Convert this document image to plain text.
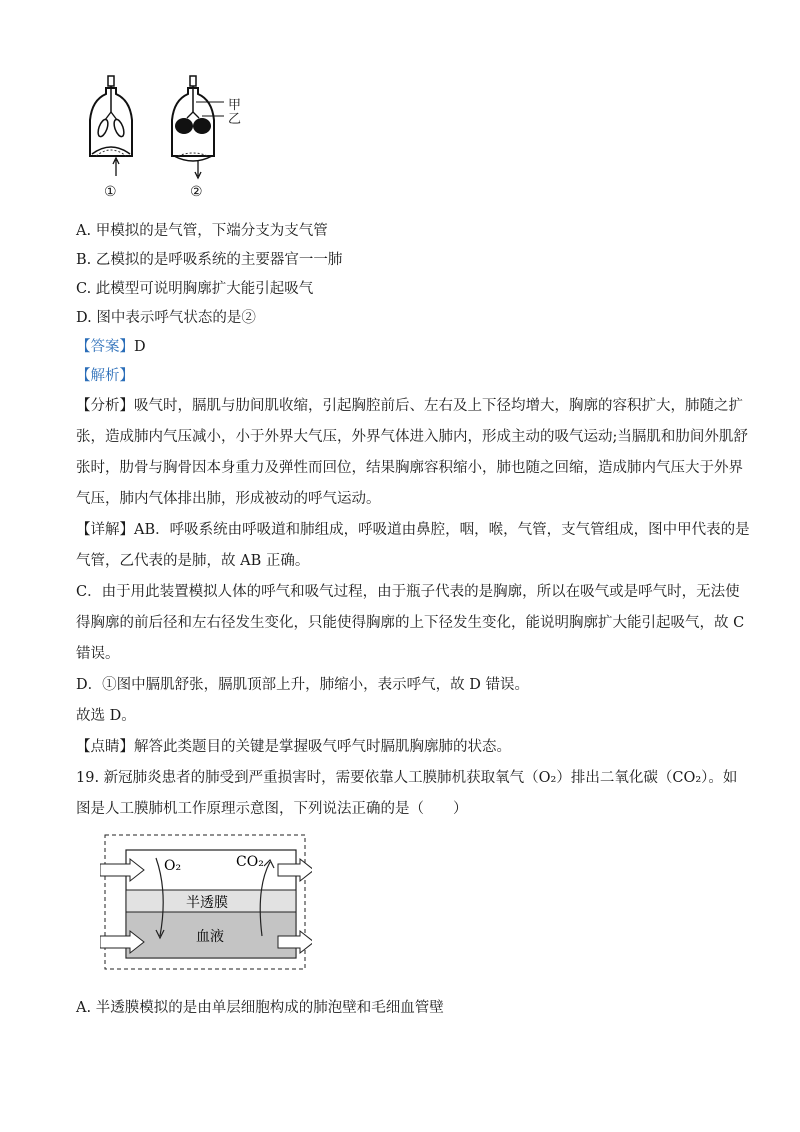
甲
乙
①	②
A. 甲模拟的是气管，下端分支为支气管
B. 乙模拟的是呼吸系统的主要器官一一肺
C. 此模型可说明胸廓扩大能引起吸气
D. 图中表示呼气状态的是②
【答案】D
【解析】
【分析】吸气时，膈肌与肋间肌收缩，引起胸腔前后、左右及上下径均增大，胸廓的容积扩大，肺随之扩
张，造成肺内气压减小，小于外界大气压，外界气体进入肺内，形成主动的吸气运动;当膈肌和肋间外肌舒
张时，肋骨与胸骨因本身重力及弹性而回位，结果胸廓容积缩小，肺也随之回缩，造成肺内气压大于外界
气压，肺内气体排出肺，形成被动的呼气运动。
【详解】AB．呼吸系统由呼吸道和肺组成，呼吸道由鼻腔，咽，喉，气管，支气管组成，图中甲代表的是
气管，乙代表的是肺，故 AB 正确。
C．由于用此装置模拟人体的呼气和吸气过程，由于瓶子代表的是胸廓，所以在吸气或是呼气时，无法使
得胸廓的前后径和左右径发生变化，只能使得胸廓的上下径发生变化，能说明胸廓扩大能引起吸气，故 C
错误。
D．①图中膈肌舒张，膈肌顶部上升，肺缩小，表示呼气，故 D 错误。
故选 D。
【点睛】解答此类题目的关键是掌握吸气呼气时膈肌胸廓肺的状态。
19. 新冠肺炎患者的肺受到严重损害时，需要依靠人工膜肺机获取氧气（O₂）排出二氧化碳（CO₂）。如
图是人工膜肺机工作原理示意图，下列说法正确的是（　　）
O₂	CO₂
半透膜
血液
A. 半透膜模拟的是由单层细胞构成的肺泡壁和毛细血管壁
